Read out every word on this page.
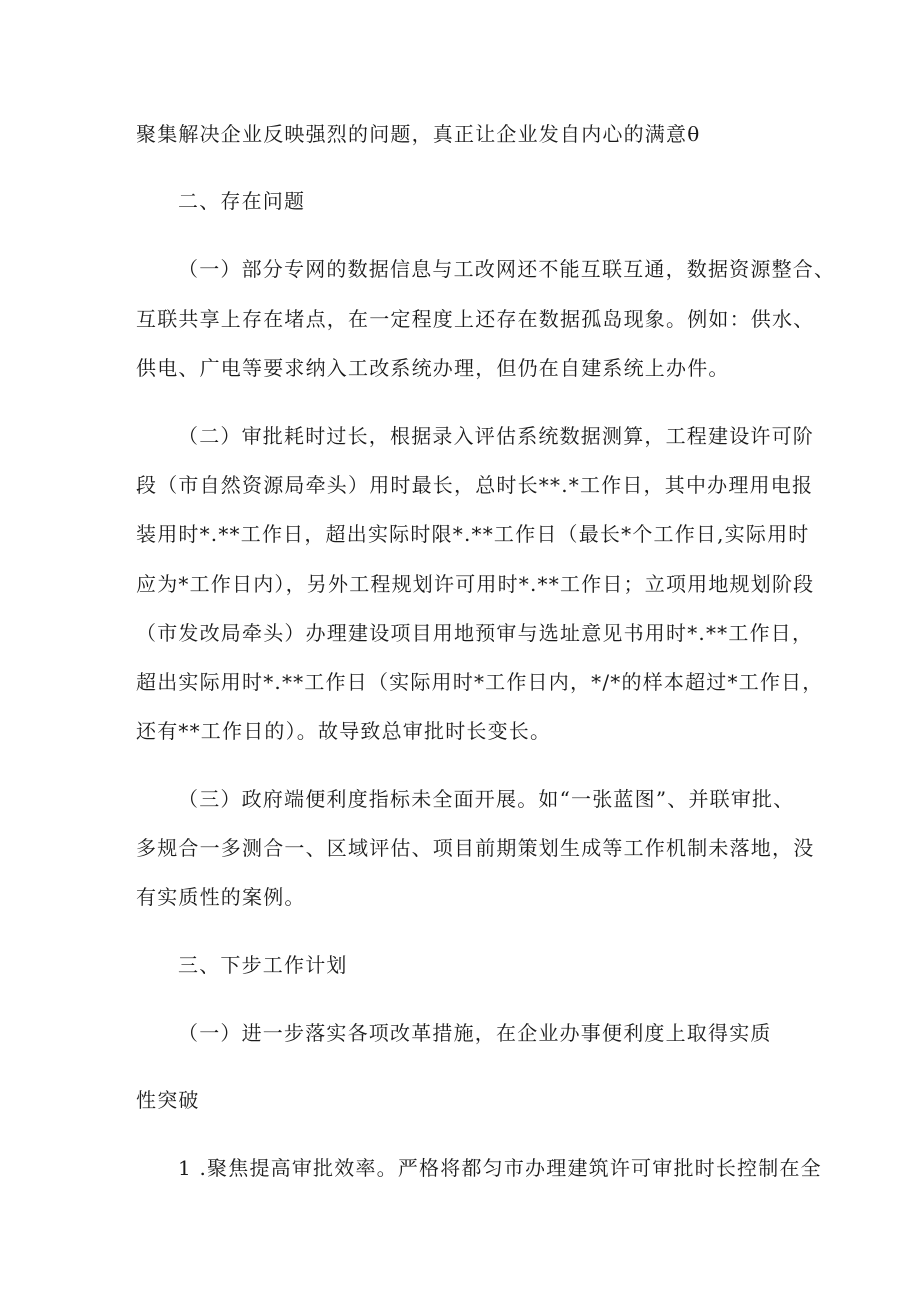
聚集解决企业反映强烈的问题，真正让企业发自内心的满意θ
二、存在问题
（一）部分专网的数据信息与工改网还不能互联互通，数据资源整合、
互联共享上存在堵点，在一定程度上还存在数据孤岛现象。例如：供水、
供电、广电等要求纳入工改系统办理，但仍在自建系统上办件。
（二）审批耗时过长，根据录入评估系统数据测算，工程建设许可阶
段（市自然资源局牵头）用时最长，总时长**.*工作日，其中办理用电报
装用时*.**工作日，超出实际时限*.**工作日（最长*个工作日,实际用时
应为*工作日内），另外工程规划许可用时*.**工作日；立项用地规划阶段
（市发改局牵头）办理建设项目用地预审与选址意见书用时*.**工作日，
超出实际用时*.**工作日（实际用时*工作日内，*/*的样本超过*工作日，
还有**工作日的）。故导致总审批时长变长。
（三）政府端便利度指标未全面开展。如“一张蓝图”、并联审批、
多规合一多测合一、区域评估、项目前期策划生成等工作机制未落地，没
有实质性的案例。
三、下步工作计划
（一）进一步落实各项改革措施，在企业办事便利度上取得实质
性突破
1 .聚焦提高审批效率。严格将都匀市办理建筑许可审批时长控制在全
